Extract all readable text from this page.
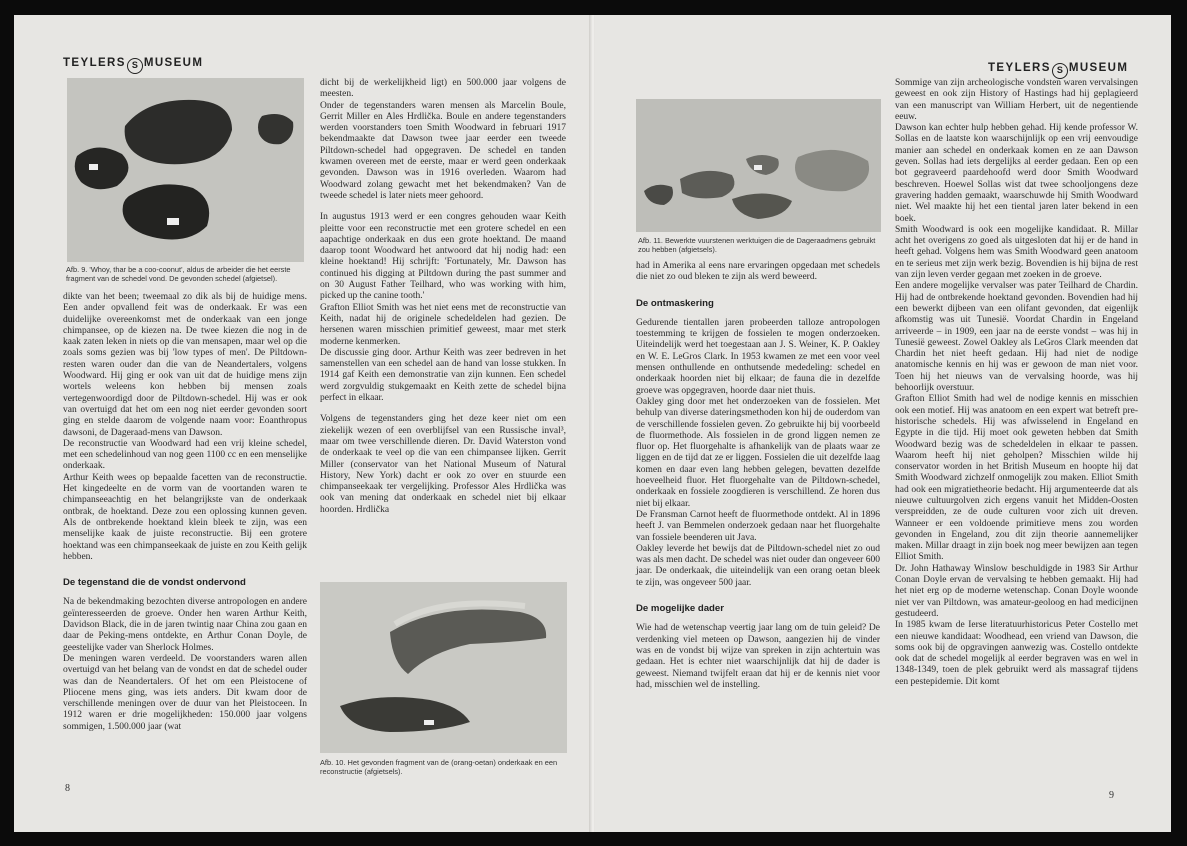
TEYLERS S MUSEUM
Afb. 9. 'Whoy, thar be a coo-coonut', aldus de arbeider die het eerste fragment van de schedel vond. De gevonden schedel (afgietsel).

dikte van het been; tweemaal zo dik als bij de huidige mens. Een ander opvallend feit was de onderkaak. Er was een duidelijke overeenkomst met de onderkaak van een jonge chimpansee, op de kiezen na. De twee kiezen die nog in de kaak zaten leken in niets op die van mensapen, maar wel op die zoals soms gezien was bij 'low types of men'. De Piltdown-resten waren ouder dan die van de Neandertalers, volgens Woodward. Hij ging er ook van uit dat de huidige mens zijn wortels weleens kon hebben bij mensen zoals vertegenwoordigd door de Piltdown-schedel. Hij was er ook van overtuigd dat het om een nog niet eerder gevonden soort ging en stelde daarom de volgende naam voor: Eoanthropus dawsoni, de Dageraad-mens van Dawson.

De reconstructie van Woodward had een vrij kleine schedel, met een schedelinhoud van nog geen 1100 cc en een menselijke onderkaak.

Arthur Keith wees op bepaalde facetten van de reconstructie. Het kingedeelte en de vorm van de voortanden waren te chimpanseeachtig en het belangrijkste van de onderkaak ontbrak, de hoektand. Deze zou een oplossing kunnen geven. Als de ontbrekende hoektand klein bleek te zijn, was een menselijke kaak de juiste reconstructie. Bij een grotere hoektand was een chimpanseekaak de juiste en zou Keith gelijk hebben.

De tegenstand die de vondst ondervond

Na de bekendmaking bezochten diverse antropologen en andere geïnteresseerden de groeve. Onder hen waren Arthur Keith, Davidson Black, die in de jaren twintig naar China zou gaan en daar de Peking-mens ontdekte, en Arthur Conan Doyle, de geestelijke vader van Sherlock Holmes.

De meningen waren verdeeld. De voorstanders waren allen overtuigd van het belang van de vondst en dat de schedel ouder was dan de Neandertalers. Of het om een Pleistocene of Pliocene mens ging, was iets anders. Dit kwam door de verschillende meningen over de duur van het Pleistoceen. In 1912 waren er drie mogelijkheden: 150.000 jaar volgens sommigen, 1.500.000 jaar (wat

dicht bij de werkelijkheid ligt) en 500.000 jaar volgens de meesten.

Onder de tegenstanders waren mensen als Marcelin Boule, Gerrit Miller en Ales Hrdlička. Boule en andere tegenstanders werden voorstanders toen Smith Woodward in februari 1917 bekendmaakte dat Dawson twee jaar eerder een tweede Piltdown-schedel had opgegraven. De schedel en tanden kwamen overeen met de eerste, maar er werd geen onderkaak gevonden. Dawson was in 1916 overleden. Waarom had Woodward zolang gewacht met het bekendmaken? Van de tweede schedel is later niets meer gehoord.

In augustus 1913 werd er een congres gehouden waar Keith pleitte voor een reconstructie met een grotere schedel en een aapachtige onderkaak en dus een grote hoektand. De maand daarop toont Woodward het antwoord dat hij nodig had: een kleine hoektand! Hij schrijft: 'Fortunately, Mr. Dawson has continued his digging at Piltdown during the past summer and on 30 August Father Teilhard, who was working with him, picked up the canine tooth.'

Grafton Elliot Smith was het niet eens met de reconstructie van Keith, nadat hij de originele schedeldelen had gezien. De hersenen waren misschien primitief geweest, maar met sterk moderne kenmerken.

De discussie ging door. Arthur Keith was zeer bedreven in het samenstellen van een schedel aan de hand van losse stukken. In 1914 gaf Keith een demonstratie van zijn kunnen. Een schedel werd zorgvuldig stukgemaakt en Keith zette de schedel bijna perfect in elkaar.

Volgens de tegenstanders ging het deze keer niet om een ziekelijk wezen of een overblijfsel van een Russische inval³, maar om twee verschillende dieren. Dr. David Waterston vond de onderkaak te veel op die van een chimpansee lijken. Gerrit Miller (conservator van het National Museum of Natural History, New York) dacht er ook zo over en stuurde een chimpanseekaak ter vergelijking. Professor Ales Hrdlička was ook van mening dat onderkaak en schedel niet bij elkaar hoorden. Hrdlička

Afb. 10. Het gevonden fragment van de (orang-oetan) onderkaak en een reconstructie (afgietsels).
8
TEYLERS S MUSEUM
Afb. 11. Bewerkte vuurstenen werktuigen die de Dageraadmens gebruikt zou hebben (afgietsels).

had in Amerika al eens nare ervaringen opgedaan met schedels die niet zo oud bleken te zijn als werd beweerd.

De ontmaskering

Gedurende tientallen jaren probeerden talloze antropologen toestemming te krijgen de fossielen te mogen onderzoeken. Uiteindelijk werd het toegestaan aan J. S. Weiner, K. P. Oakley en W. E. LeGros Clark. In 1953 kwamen ze met een voor veel mensen onthullende en onthutsende mededeling: schedel en onderkaak hoorden niet bij elkaar; de fauna die in dezelfde groeve was opgegraven, hoorde daar niet thuis.

Oakley ging door met het onderzoeken van de fossielen. Met behulp van diverse dateringsmethoden kon hij de ouderdom van de verschillende fossielen geven. Zo gebruikte hij bij voorbeeld de fluormethode. Als fossielen in de grond liggen nemen ze fluor op. Het fluorgehalte is afhankelijk van de plaats waar ze liggen en de tijd dat ze er liggen. Fossielen die uit dezelfde laag komen en daar even lang hebben gelegen, bevatten dezelfde hoeveelheid fluor. Het fluorgehalte van de Piltdown-schedel, onderkaak en fossiele zoogdieren is verschillend. Ze horen dus niet bij elkaar.

De Fransman Carnot heeft de fluormethode ontdekt. Al in 1896 heeft J. van Bemmelen onderzoek gedaan naar het fluorgehalte van fossiele beenderen uit Java.

Oakley leverde het bewijs dat de Piltdown-schedel niet zo oud was als men dacht. De schedel was niet ouder dan ongeveer 600 jaar. De onderkaak, die uiteindelijk van een orang oetan bleek te zijn, was ongeveer 500 jaar.

De mogelijke dader

Wie had de wetenschap veertig jaar lang om de tuin geleid? De verdenking viel meteen op Dawson, aangezien hij de vinder was en de vondst bij wijze van spreken in zijn achtertuin was gedaan. Het is echter niet waarschijnlijk dat hij de dader is geweest. Niemand twijfelt eraan dat hij er de kennis niet voor had, misschien wel de instelling.

Sommige van zijn archeologische vondsten waren vervalsingen geweest en ook zijn History of Hastings had hij geplagieerd van een manuscript van William Herbert, uit de negentiende eeuw.

Dawson kan echter hulp hebben gehad. Hij kende professor W. Sollas en de laatste kon waarschijnlijk op een vrij eenvoudige manier aan schedel en onderkaak komen en ze aan Dawson geven. Sollas had iets dergelijks al eerder gedaan. Een op een bot gegraveerd paardehoofd werd door Smith Woodward beschreven. Hoewel Sollas wist dat twee schooljongens deze gravering hadden gemaakt, waarschuwde hij Smith Woodward niet. Wel maakte hij het een tiental jaren later bekend in een boek.

Smith Woodward is ook een mogelijke kandidaat. R. Millar acht het overigens zo goed als uitgesloten dat hij er de hand in heeft gehad. Volgens hem was Smith Woodward geen anatoom en te serieus met zijn werk bezig. Bovendien is hij bijna de rest van zijn leven verder gegaan met zoeken in de groeve.

Een andere mogelijke vervalser was pater Teilhard de Chardin. Hij had de ontbrekende hoektand gevonden. Bovendien had hij een bewerkt dijbeen van een olifant gevonden, dat eigenlijk afkomstig was uit Tunesië. Voordat Chardin in Engeland arriveerde – in 1909, een jaar na de eerste vondst – was hij in Tunesië geweest. Zowel Oakley als LeGros Clark meenden dat Chardin het niet heeft gedaan. Hij had niet de nodige anatomische kennis en hij was er gewoon de man niet voor. Toen hij het nieuws van de vervalsing hoorde, was hij behoorlijk overstuur.

Grafton Elliot Smith had wel de nodige kennis en misschien ook een motief. Hij was anatoom en een expert wat betreft pre-historische schedels. Hij was afwisselend in Engeland en Egypte in die tijd. Hij moet ook geweten hebben dat Smith Woodward bezig was de schedeldelen in elkaar te passen. Waarom heeft hij niet geholpen? Misschien wilde hij conservator worden in het British Museum en hoopte hij dat Smith Woodward zichzelf onmogelijk zou maken. Elliot Smith had ook een migratietheorie bedacht. Hij argumenteerde dat als nieuwe cultuurgolven zich ergens vanuit het Midden-Oosten verspreidden, ze de oude culturen voor zich uit dreven. Wanneer er een voldoende primitieve mens zou worden gevonden in Engeland, zou dit zijn theorie aannemelijker maken. Millar draagt in zijn boek nog meer bewijzen aan tegen Elliot Smith.

Dr. John Hathaway Winslow beschuldigde in 1983 Sir Arthur Conan Doyle ervan de vervalsing te hebben gemaakt. Hij had het niet erg op de moderne wetenschap. Conan Doyle woonde niet ver van Piltdown, was amateur-geoloog en had medicijnen gestudeerd.

In 1985 kwam de Ierse literatuurhistoricus Peter Costello met een nieuwe kandidaat: Woodhead, een vriend van Dawson, die soms ook bij de opgravingen aanwezig was. Costello ontdekte ook dat de schedel mogelijk al eerder begraven was en wel in 1348-1349, toen de plek gebruikt werd als massagraf tijdens een pestepidemie. Dit komt

9
